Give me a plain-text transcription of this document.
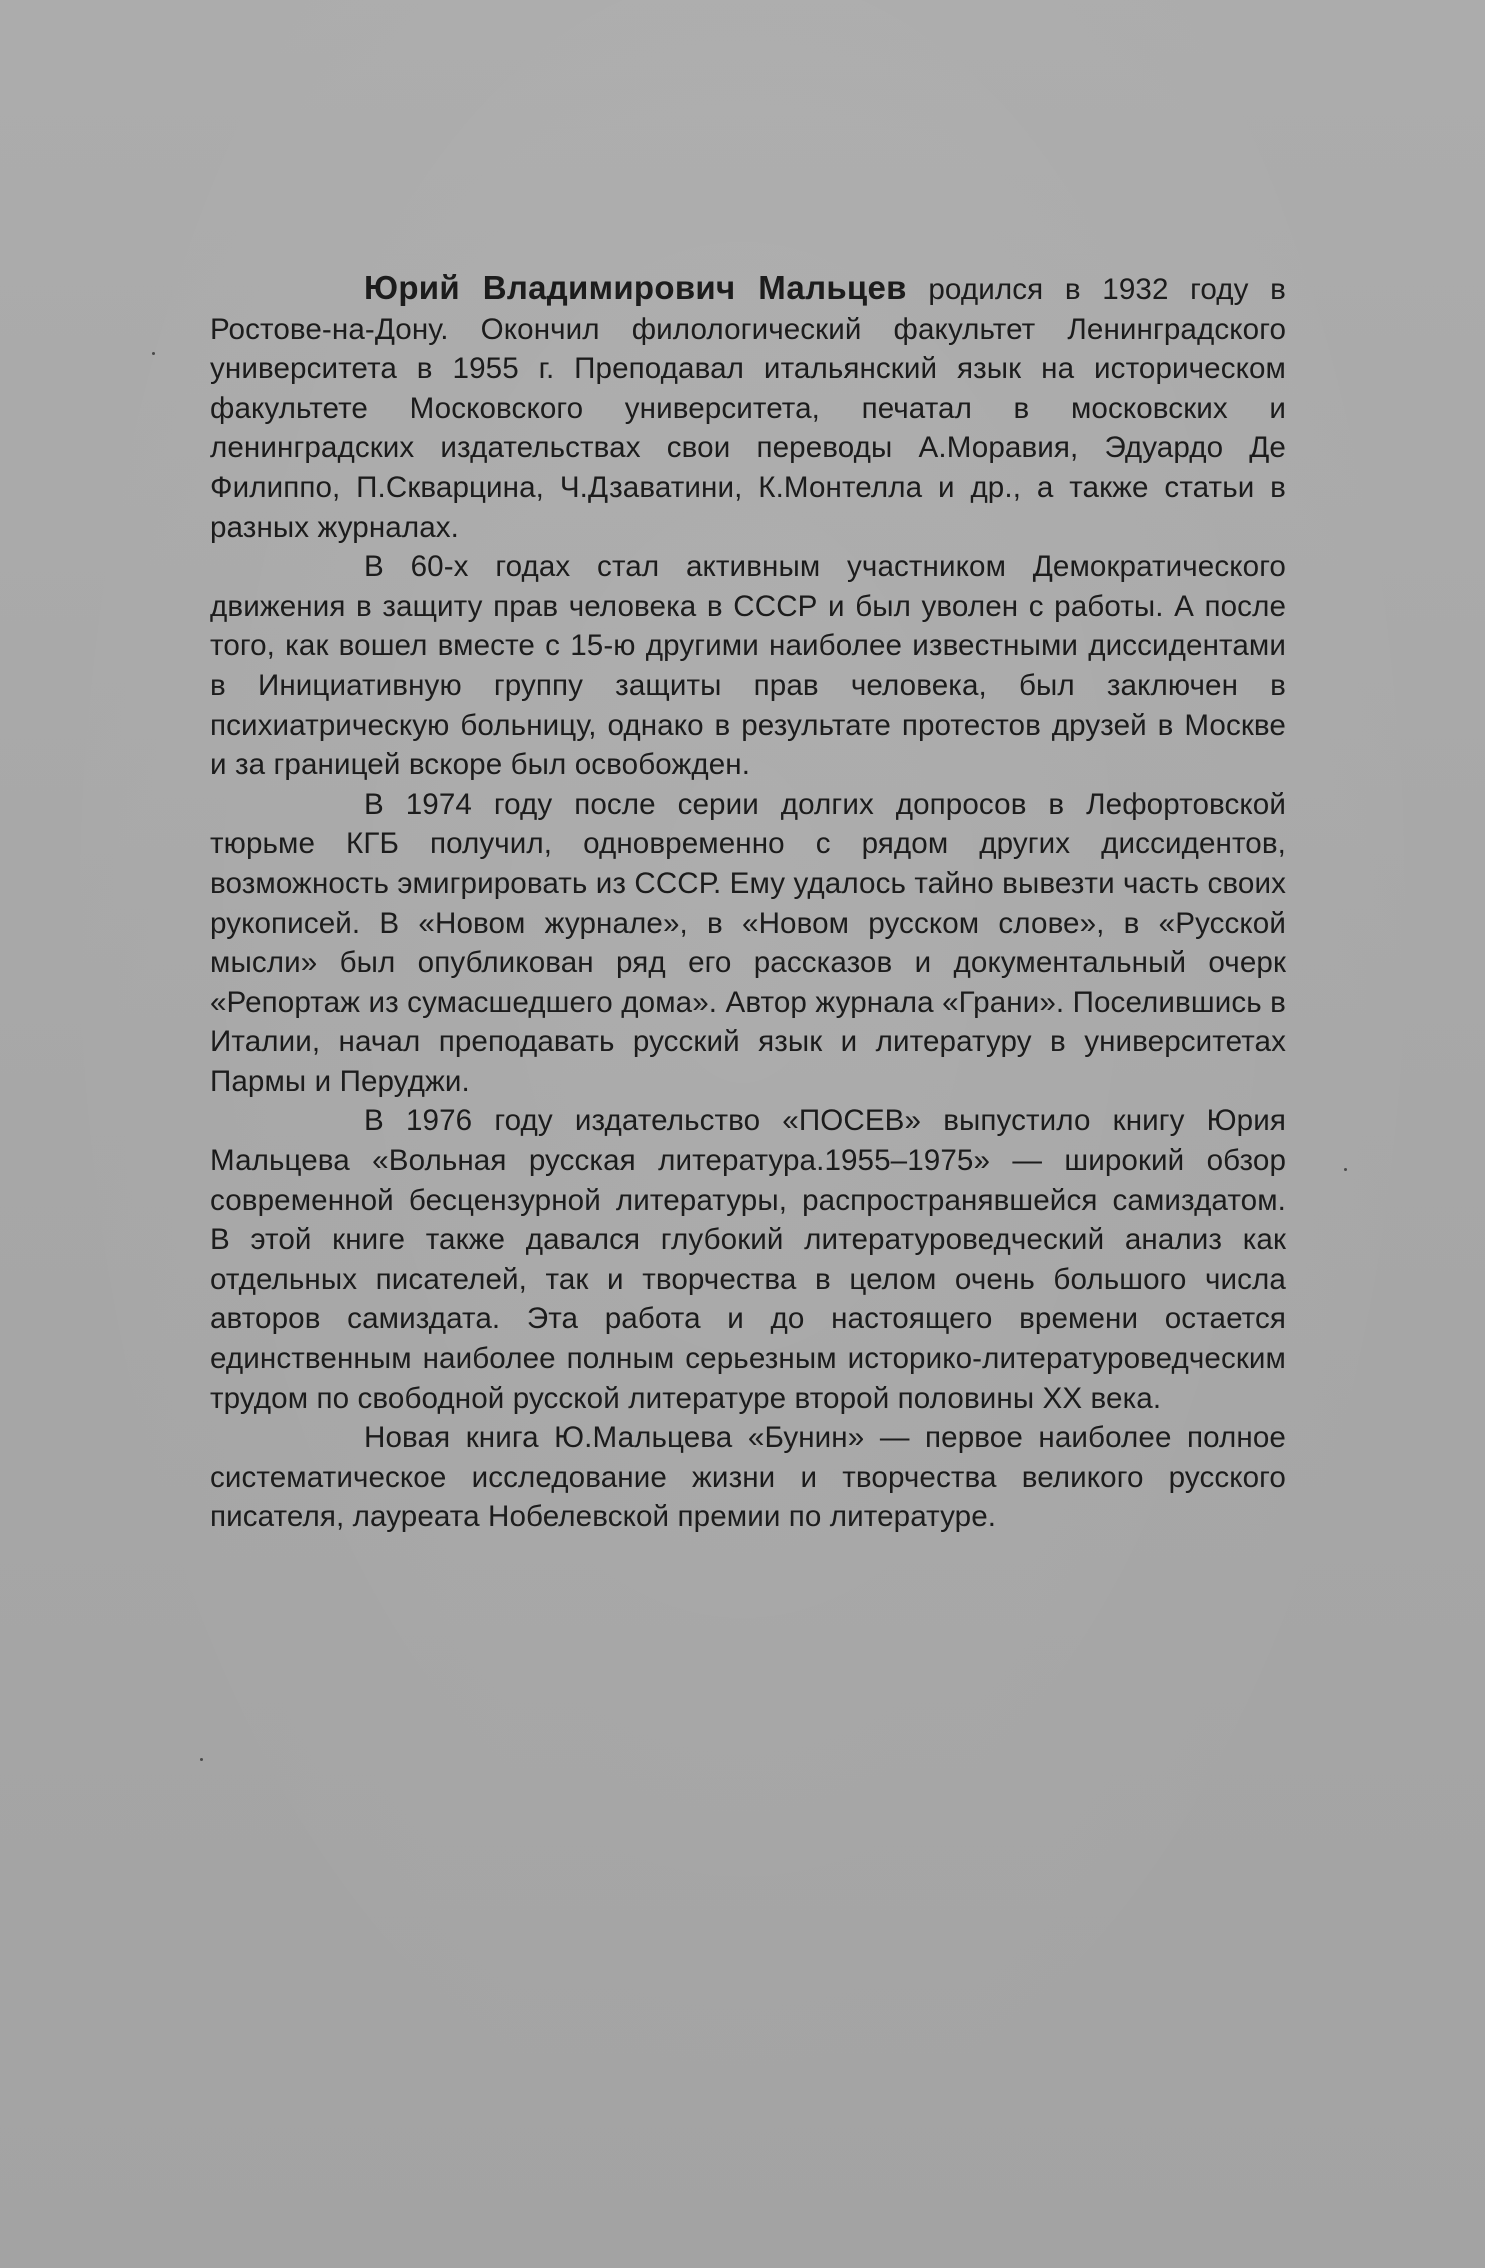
Юрий Владимирович Мальцев родился в 1932 году в Ростове-на-Дону. Окончил филологический факультет Ленинградского университета в 1955 г. Преподавал итальянский язык на историческом факультете Московского университета, печатал в московских и ленинградских издательствах свои переводы А.Моравия, Эдуардо Де Филиппо, П.Скварцина, Ч.Дзаватини, К.Монтелла и др., а также статьи в разных журналах.

В 60-х годах стал активным участником Демократического движения в защиту прав человека в СССР и был уволен с работы. А после того, как вошел вместе с 15-ю другими наиболее известными диссидентами в Инициативную группу защиты прав человека, был заключен в психиатрическую больницу, однако в результате протестов друзей в Москве и за границей вскоре был освобожден.

В 1974 году после серии долгих допросов в Лефортовской тюрьме КГБ получил, одновременно с рядом других диссидентов, возможность эмигрировать из СССР. Ему удалось тайно вывезти часть своих рукописей. В «Новом журнале», в «Новом русском слове», в «Русской мысли» был опубликован ряд его рассказов и документальный очерк «Репортаж из сумасшедшего дома». Автор журнала «Грани». Поселившись в Италии, начал преподавать русский язык и литературу в университетах Пармы и Перуджи.

В 1976 году издательство «ПОСЕВ» выпустило книгу Юрия Мальцева «Вольная русская литература.1955–1975» — широкий обзор современной бесцензурной литературы, распространявшейся самиздатом. В этой книге также давался глубокий литературоведческий анализ как отдельных писателей, так и творчества в целом очень большого числа авторов самиздата. Эта работа и до настоящего времени остается единственным наиболее полным серьезным историко-литературоведческим трудом по свободной русской литературе второй половины XX века.

Новая книга Ю.Мальцева «Бунин» — первое наиболее полное систематическое исследование жизни и творчества великого русского писателя, лауреата Нобелевской премии по литературе.
